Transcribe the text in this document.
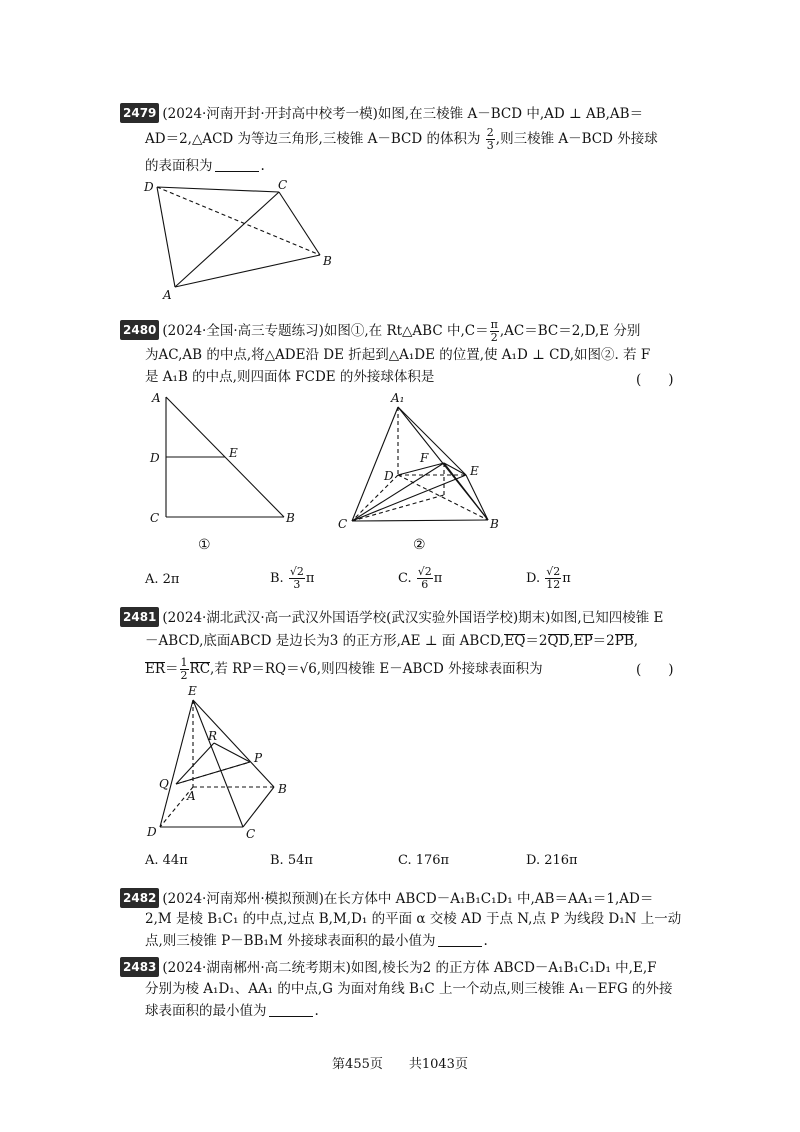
2479 (2024·河南开封·开封高中校考一模)如图,在三棱锥 A－BCD 中,AD ⊥ AB,AB＝
AD＝2,△ACD 为等边三角形,三棱锥 A－BCD 的体积为 $\frac{2}{3}$ ,则三棱锥 A－BCD 外接球
的表面积为	.
D	C
B
A
2480 (2024·全国·高三专题练习)如图①,在 Rt△ABC 中$,C= \frac{\pi}{2} ,AC=BC=2,D,E$ 分别
为AC,AB 的中点,将△ADE沿 DE 折起到△A₁DE 的位置,使 A₁D ⊥ CD,如图②. 若 F
是 A₁B 的中点,则四面体 FCDE 的外接球体积是	(　　)
A
D	E
C	B
①
A₁
F
D	E
C	B
②
A. 2π	B. $\frac{√2}{3}$ π	C. $\frac{√2}{6}$ π	D. $\frac{√2}{12}$ π
2481 (2024·湖北武汉·高一武汉外国语学校(武汉实验外国语学校)期末)如图,已知四棱锥 E
－ABCD,底面ABCD 是边长为3 的正方形,AE ⊥ 面 ABCD,EQ＝2QD,EP＝2PB,
$ER= \frac{1}{2}$ RC,若 RP＝RQ＝√6,则四棱锥 E－ABCD 外接球表面积为	(　　)
E
R
P
Q
A	B
D	C
A. 44π	B. 54π	C. 176π	D. 216π
2482 (2024·河南郑州·模拟预测)在长方体中 ABCD－A₁B₁C₁D₁ 中,AB＝AA₁＝1,AD＝
2,M 是棱 B₁C₁ 的中点,过点 B,M,D₁ 的平面 α 交棱 AD 于点 N,点 P 为线段 D₁N 上一动
点,则三棱锥 P－BB₁M 外接球表面积的最小值为	.
2483 (2024·湖南郴州·高二统考期末)如图,棱长为2 的正方体 ABCD－A₁B₁C₁D₁ 中,E,F
分别为棱 A₁D₁、AA₁ 的中点,G 为面对角线 B₁C 上一个动点,则三棱锥 A₁－EFG 的外接
球表面积的最小值为	.
第455页　　共1043页
